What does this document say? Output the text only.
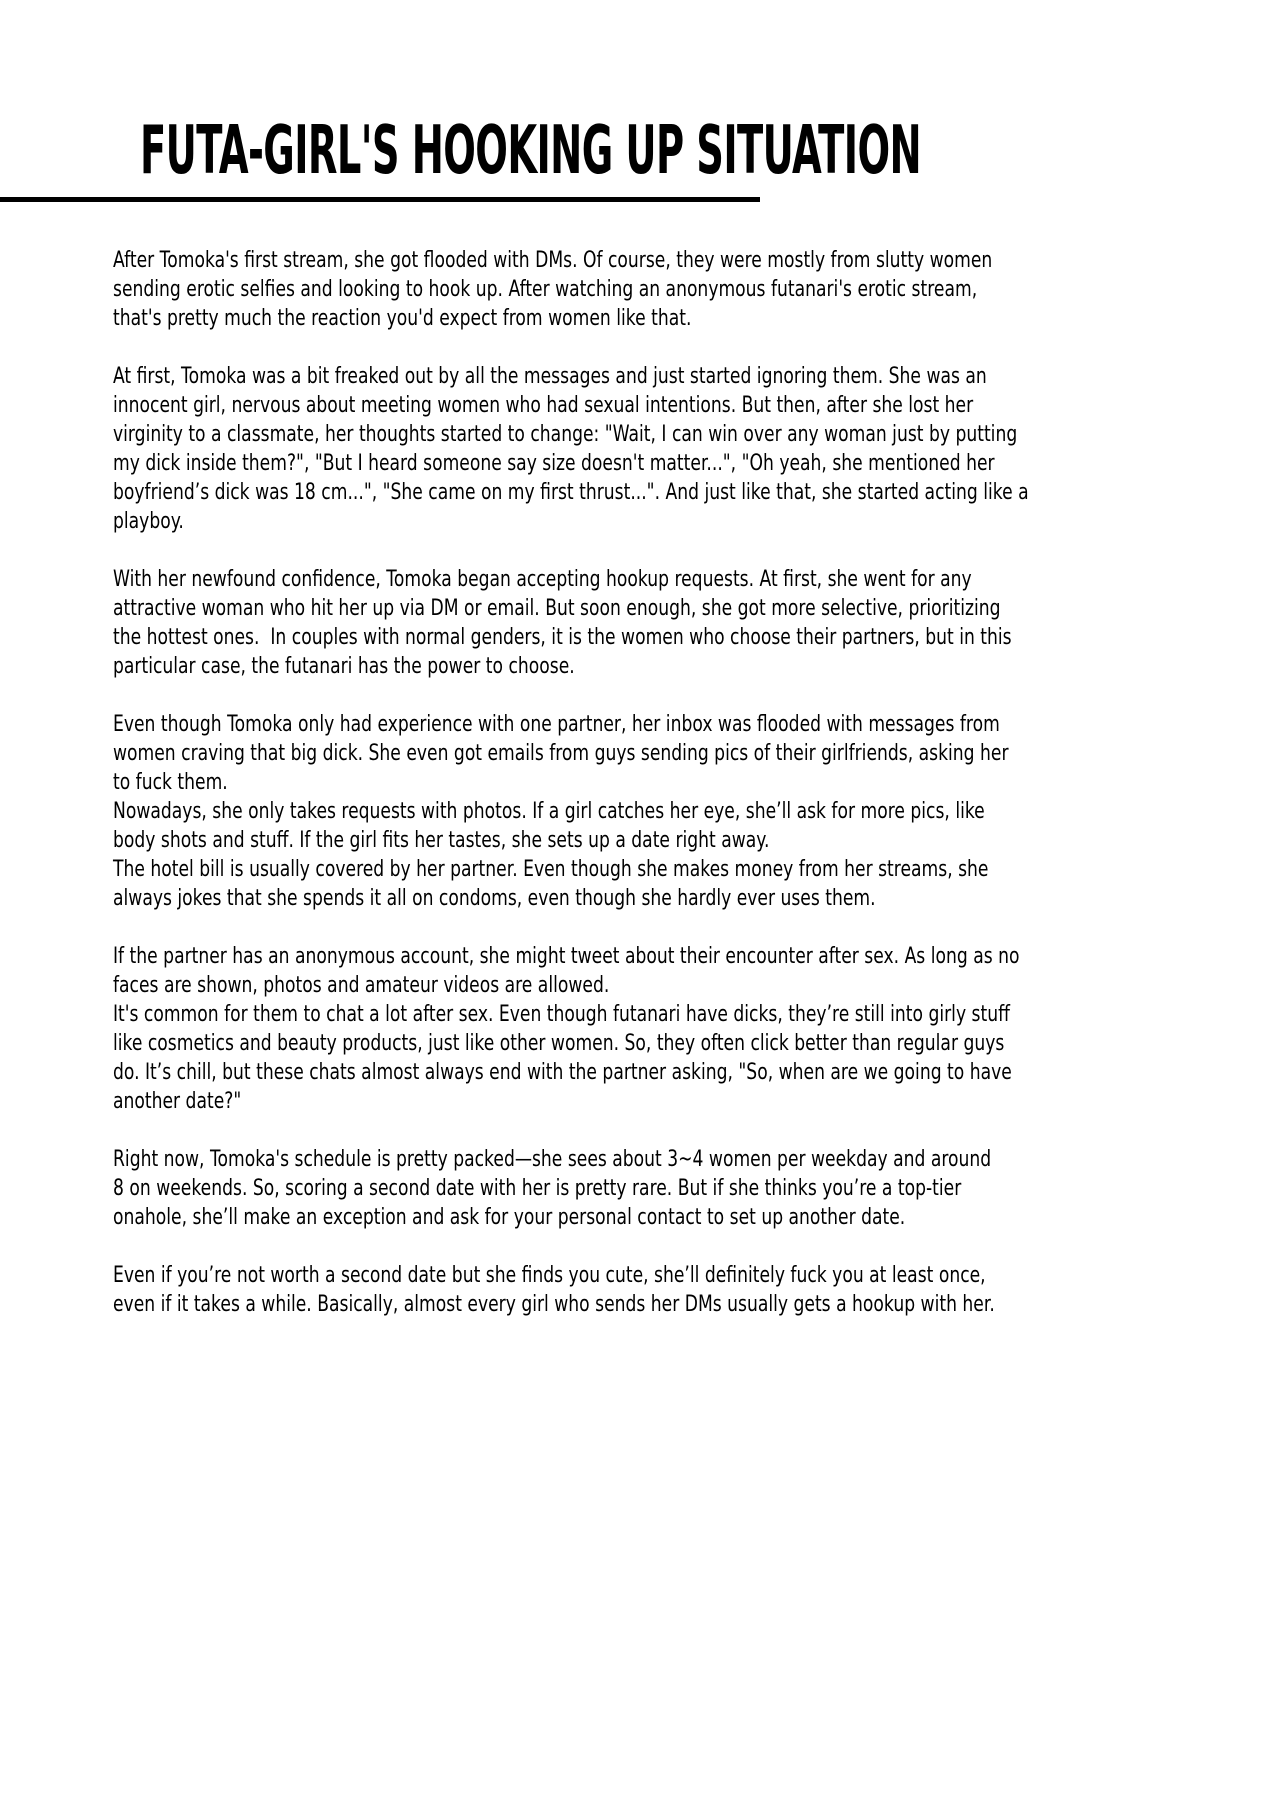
FUTA-GIRL'S HOOKING UP SITUATION
After Tomoka's first stream, she got flooded with DMs. Of course, they were mostly from slutty women
sending erotic selfies and looking to hook up. After watching an anonymous futanari's erotic stream,
that's pretty much the reaction you'd expect from women like that.
At first, Tomoka was a bit freaked out by all the messages and just started ignoring them. She was an
innocent girl, nervous about meeting women who had sexual intentions. But then, after she lost her
virginity to a classmate, her thoughts started to change: "Wait, I can win over any woman just by putting
my dick inside them?", "But I heard someone say size doesn't matter...", "Oh yeah, she mentioned her
boyfriend’s dick was 18 cm...", "She came on my first thrust...". And just like that, she started acting like a
playboy.
With her newfound confidence, Tomoka began accepting hookup requests. At first, she went for any
attractive woman who hit her up via DM or email. But soon enough, she got more selective, prioritizing
the hottest ones.  In couples with normal genders, it is the women who choose their partners, but in this
particular case, the futanari has the power to choose.
Even though Tomoka only had experience with one partner, her inbox was flooded with messages from
women craving that big dick. She even got emails from guys sending pics of their girlfriends, asking her
to fuck them.
Nowadays, she only takes requests with photos. If a girl catches her eye, she’ll ask for more pics, like
body shots and stuff. If the girl fits her tastes, she sets up a date right away.
The hotel bill is usually covered by her partner. Even though she makes money from her streams, she
always jokes that she spends it all on condoms, even though she hardly ever uses them.
If the partner has an anonymous account, she might tweet about their encounter after sex. As long as no
faces are shown, photos and amateur videos are allowed.
It's common for them to chat a lot after sex. Even though futanari have dicks, they’re still into girly stuff
like cosmetics and beauty products, just like other women. So, they often click better than regular guys
do. It’s chill, but these chats almost always end with the partner asking, "So, when are we going to have
another date?"
Right now, Tomoka's schedule is pretty packed—she sees about 3~4 women per weekday and around
8 on weekends. So, scoring a second date with her is pretty rare. But if she thinks you’re a top-tier
onahole, she’ll make an exception and ask for your personal contact to set up another date.
Even if you’re not worth a second date but she finds you cute, she’ll definitely fuck you at least once,
even if it takes a while. Basically, almost every girl who sends her DMs usually gets a hookup with her.
